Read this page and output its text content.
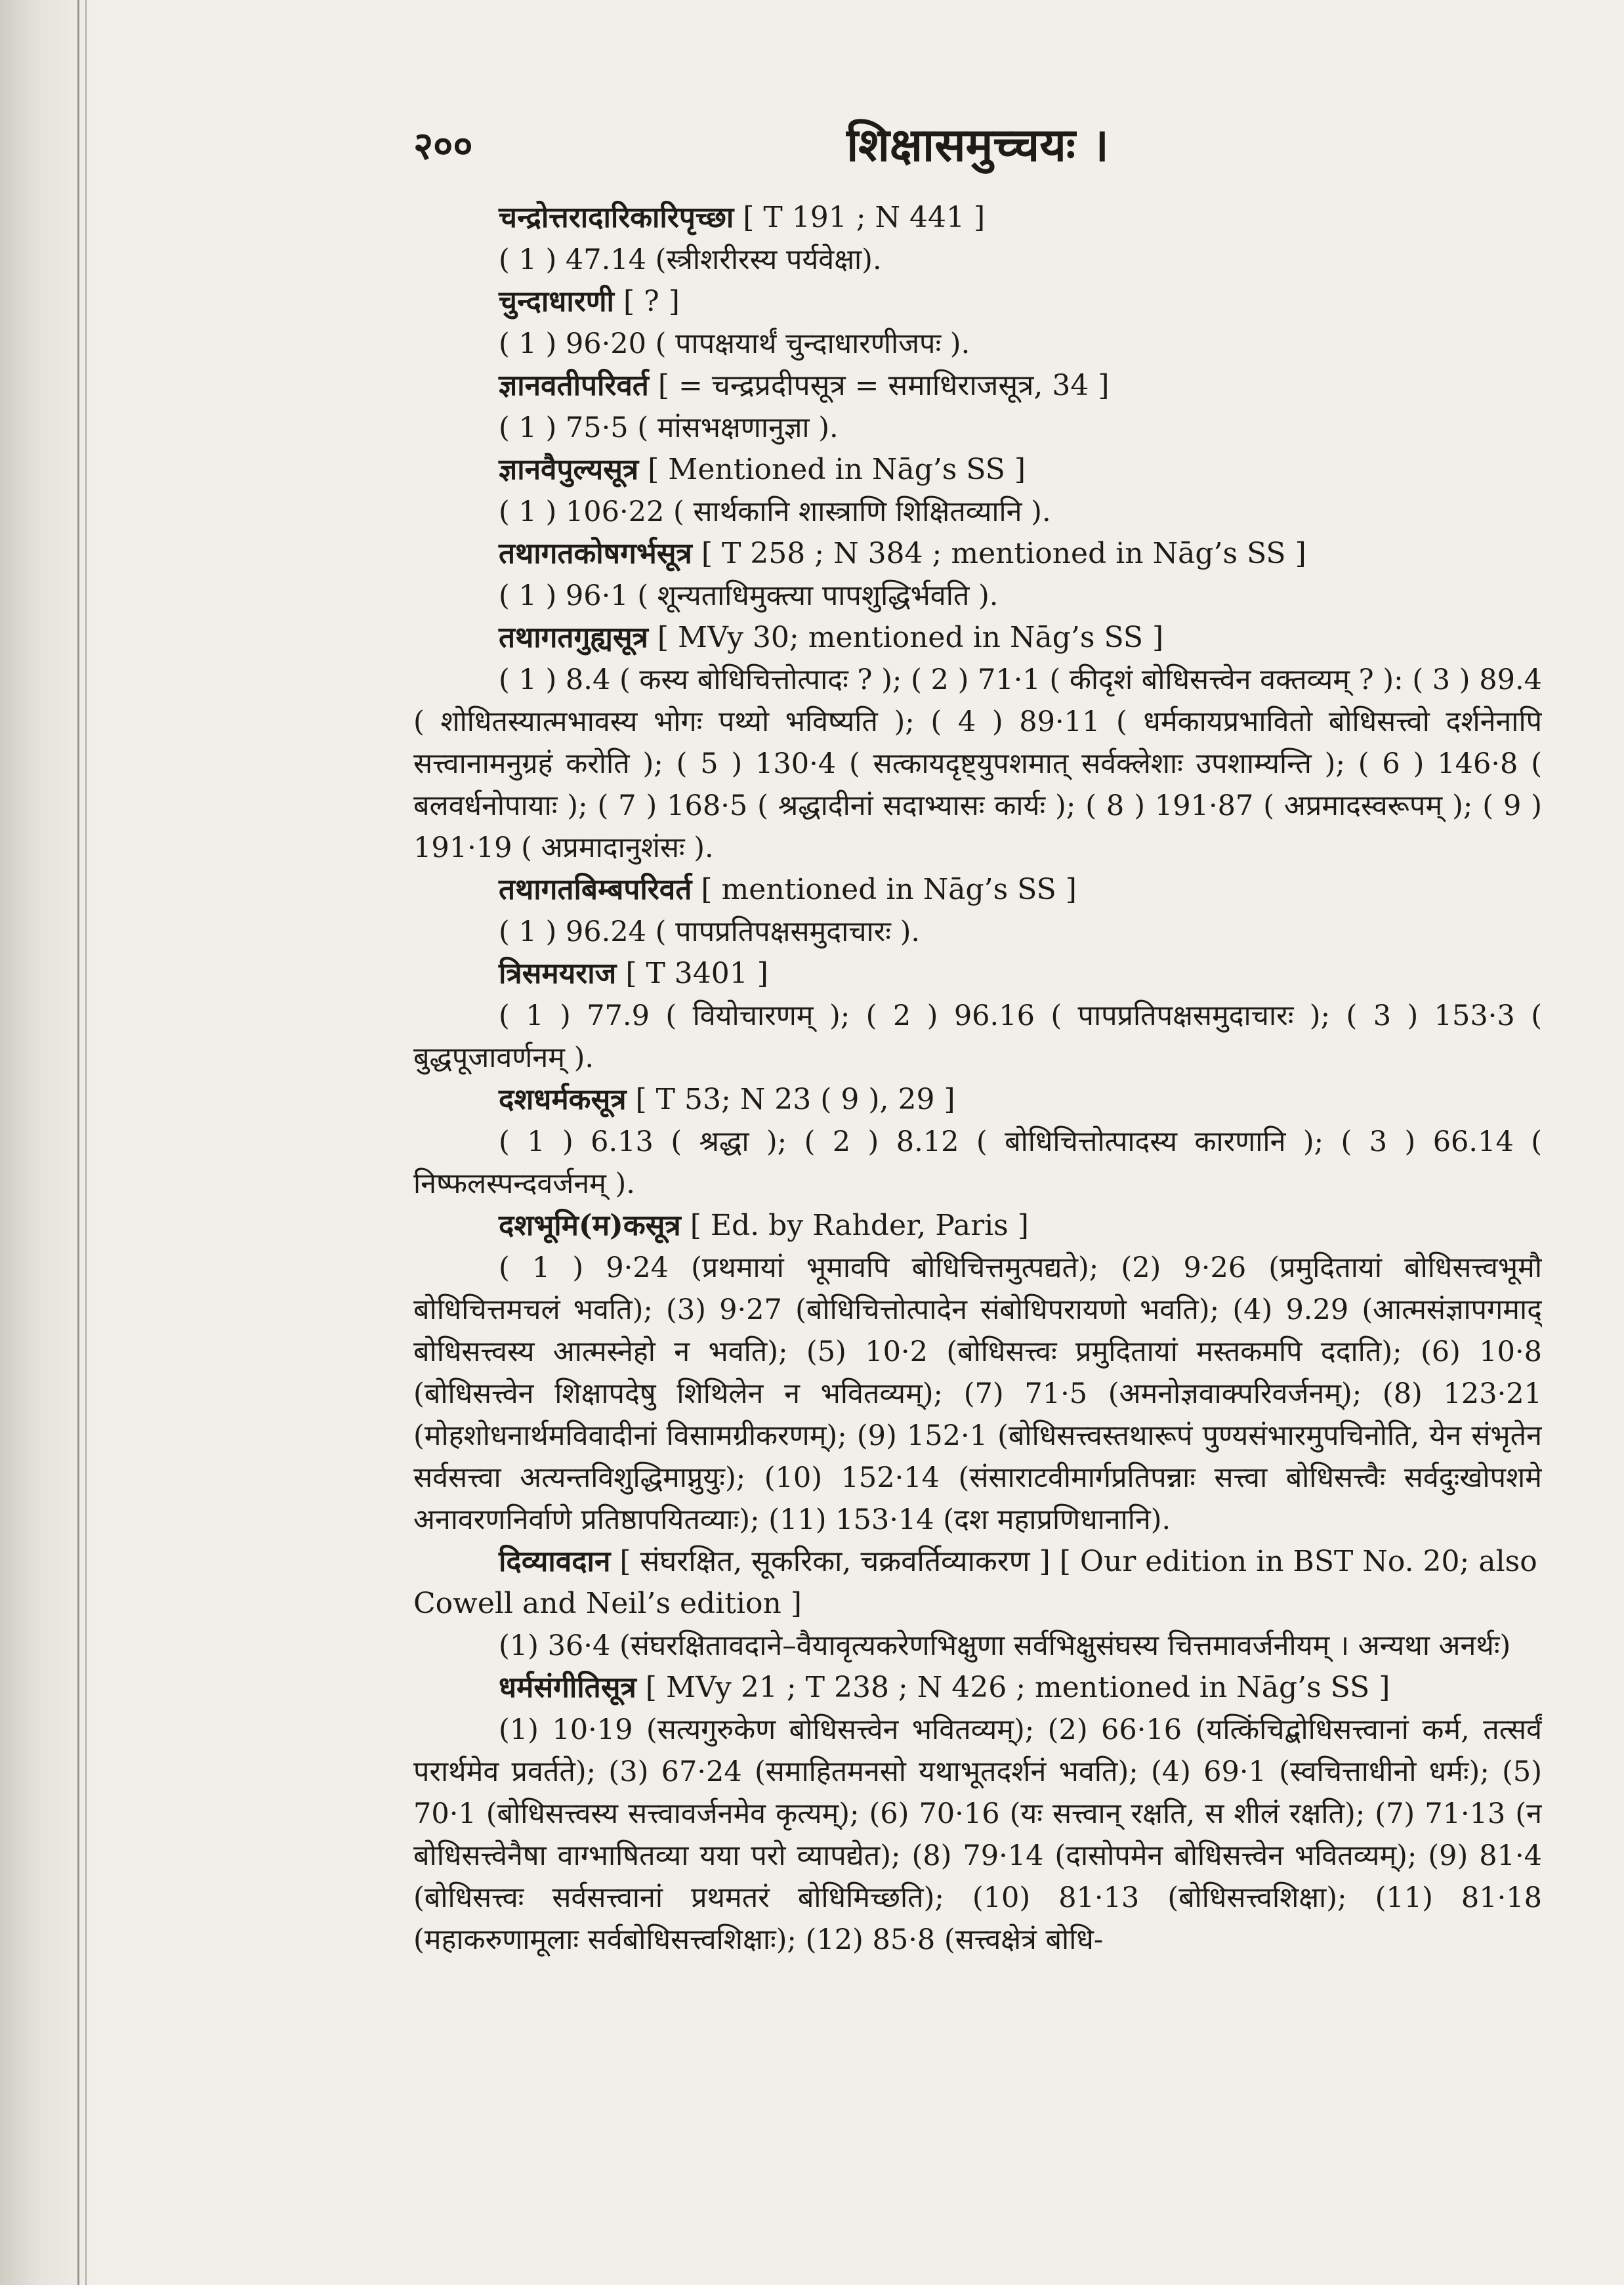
२००	शिक्षासमुच्चयः ।

चन्द्रोत्तरादारिकारिपृच्छा [ T 191 ; N 441 ]

( 1 ) 47.14 (स्त्रीशरीरस्य पर्यवेक्षा).

चुन्दाधारणी [ ? ]

( 1 ) 96·20 ( पापक्षयार्थं चुन्दाधारणीजपः ).

ज्ञानवतीपरिवर्त [ = चन्द्रप्रदीपसूत्र = समाधिराजसूत्र, 34 ]

( 1 ) 75·5 ( मांसभक्षणानुज्ञा ).

ज्ञानवैपुल्यसूत्र [ Mentioned in Nāg’s SS ]

( 1 ) 106·22 ( सार्थकानि शास्त्राणि शिक्षितव्यानि ).

तथागतकोषगर्भसूत्र [ T 258 ; N 384 ; mentioned in Nāg’s SS ]

( 1 ) 96·1 ( शून्यताधिमुक्त्या पापशुद्धिर्भवति ).

तथागतगुह्यसूत्र [ MVy 30; mentioned in Nāg’s SS ]

( 1 ) 8.4 ( कस्य बोधिचित्तोत्पादः ? ); ( 2 ) 71·1 ( कीदृशं बोधिसत्त्वेन वक्तव्यम् ? ): ( 3 ) 89.4 ( शोधितस्यात्मभावस्य भोगः पथ्यो भविष्यति ); ( 4 ) 89·11 ( धर्मकायप्रभावितो बोधिसत्त्वो दर्शनेनापि सत्त्वानामनुग्रहं करोति ); ( 5 ) 130·4 ( सत्कायदृष्ट्युपशमात् सर्वक्लेशाः उपशाम्यन्ति ); ( 6 ) 146·8 ( बलवर्धनोपायाः ); ( 7 ) 168·5 ( श्रद्धादीनां सदाभ्यासः कार्यः ); ( 8 ) 191·87 ( अप्रमादस्वरूपम् ); ( 9 ) 191·19 ( अप्रमादानुशंसः ).

तथागतबिम्बपरिवर्त [ mentioned in Nāg’s SS ]

( 1 ) 96.24 ( पापप्रतिपक्षसमुदाचारः ).

त्रिसमयराज [ T 3401 ]

( 1 ) 77.9 ( वियोचारणम् ); ( 2 ) 96.16 ( पापप्रतिपक्षसमुदाचारः ); ( 3 ) 153·3 ( बुद्धपूजावर्णनम् ).

दशधर्मकसूत्र [ T 53; N 23 ( 9 ), 29 ]

( 1 ) 6.13 ( श्रद्धा ); ( 2 ) 8.12 ( बोधिचित्तोत्पादस्य कारणानि ); ( 3 ) 66.14 ( निष्फलस्पन्दवर्जनम् ).

दशभूमि(म)कसूत्र [ Ed. by Rahder, Paris ]

( 1 ) 9·24 (प्रथमायां भूमावपि बोधिचित्तमुत्पद्यते); (2) 9·26 (प्रमुदितायां बोधिसत्त्वभूमौ बोधिचित्तमचलं भवति); (3) 9·27 (बोधिचित्तोत्पादेन संबोधिपरायणो भवति); (4) 9.29 (आत्मसंज्ञापगमाद् बोधिसत्त्वस्य आत्मस्नेहो न भवति); (5) 10·2 (बोधिसत्त्वः प्रमुदितायां मस्तकमपि ददाति); (6) 10·8 (बोधिसत्त्वेन शिक्षापदेषु शिथिलेन न भवितव्यम्); (7) 71·5 (अमनोज्ञवाक्परिवर्जनम्); (8) 123·21 (मोहशोधनार्थमविवादीनां विसामग्रीकरणम्); (9) 152·1 (बोधिसत्त्वस्तथारूपं पुण्यसंभारमुपचिनोति, येन संभृतेन सर्वसत्त्वा अत्यन्तविशुद्धिमाप्नुयुः); (10) 152·14 (संसाराटवीमार्गप्रतिपन्नाः सत्त्वा बोधिसत्त्वैः सर्वदुःखोपशमे अनावरणनिर्वाणे प्रतिष्ठापयितव्याः); (11) 153·14 (दश महाप्रणिधानानि).

दिव्यावदान [ संघरक्षित, सूकरिका, चक्रवर्तिव्याकरण ] [ Our edition in BST No. 20; also Cowell and Neil’s edition ]

(1) 36·4 (संघरक्षितावदाने–वैयावृत्यकरेणभिक्षुणा सर्वभिक्षुसंघस्य चित्तमावर्जनीयम् । अन्यथा अनर्थः)

धर्मसंगीतिसूत्र [ MVy 21 ; T 238 ; N 426 ; mentioned in Nāg’s SS ]

(1) 10·19 (सत्यगुरुकेण बोधिसत्त्वेन भवितव्यम्); (2) 66·16 (यत्किंचिद्बोधिसत्त्वानां कर्म, तत्सर्वं परार्थमेव प्रवर्तते); (3) 67·24 (समाहितमनसो यथाभूतदर्शनं भवति); (4) 69·1 (स्वचित्ताधीनो धर्मः); (5) 70·1 (बोधिसत्त्वस्य सत्त्वावर्जनमेव कृत्यम्); (6) 70·16 (यः सत्त्वान् रक्षति, स शीलं रक्षति); (7) 71·13 (न बोधिसत्त्वेनैषा वाग्भाषितव्या यया परो व्यापद्येत); (8) 79·14 (दासोपमेन बोधिसत्त्वेन भवितव्यम्); (9) 81·4 (बोधिसत्त्वः सर्वसत्त्वानां प्रथमतरं बोधिमिच्छति); (10) 81·13 (बोधिसत्त्वशिक्षा); (11) 81·18 (महाकरुणामूलाः सर्वबोधिसत्त्वशिक्षाः); (12) 85·8 (सत्त्वक्षेत्रं बोधि-
